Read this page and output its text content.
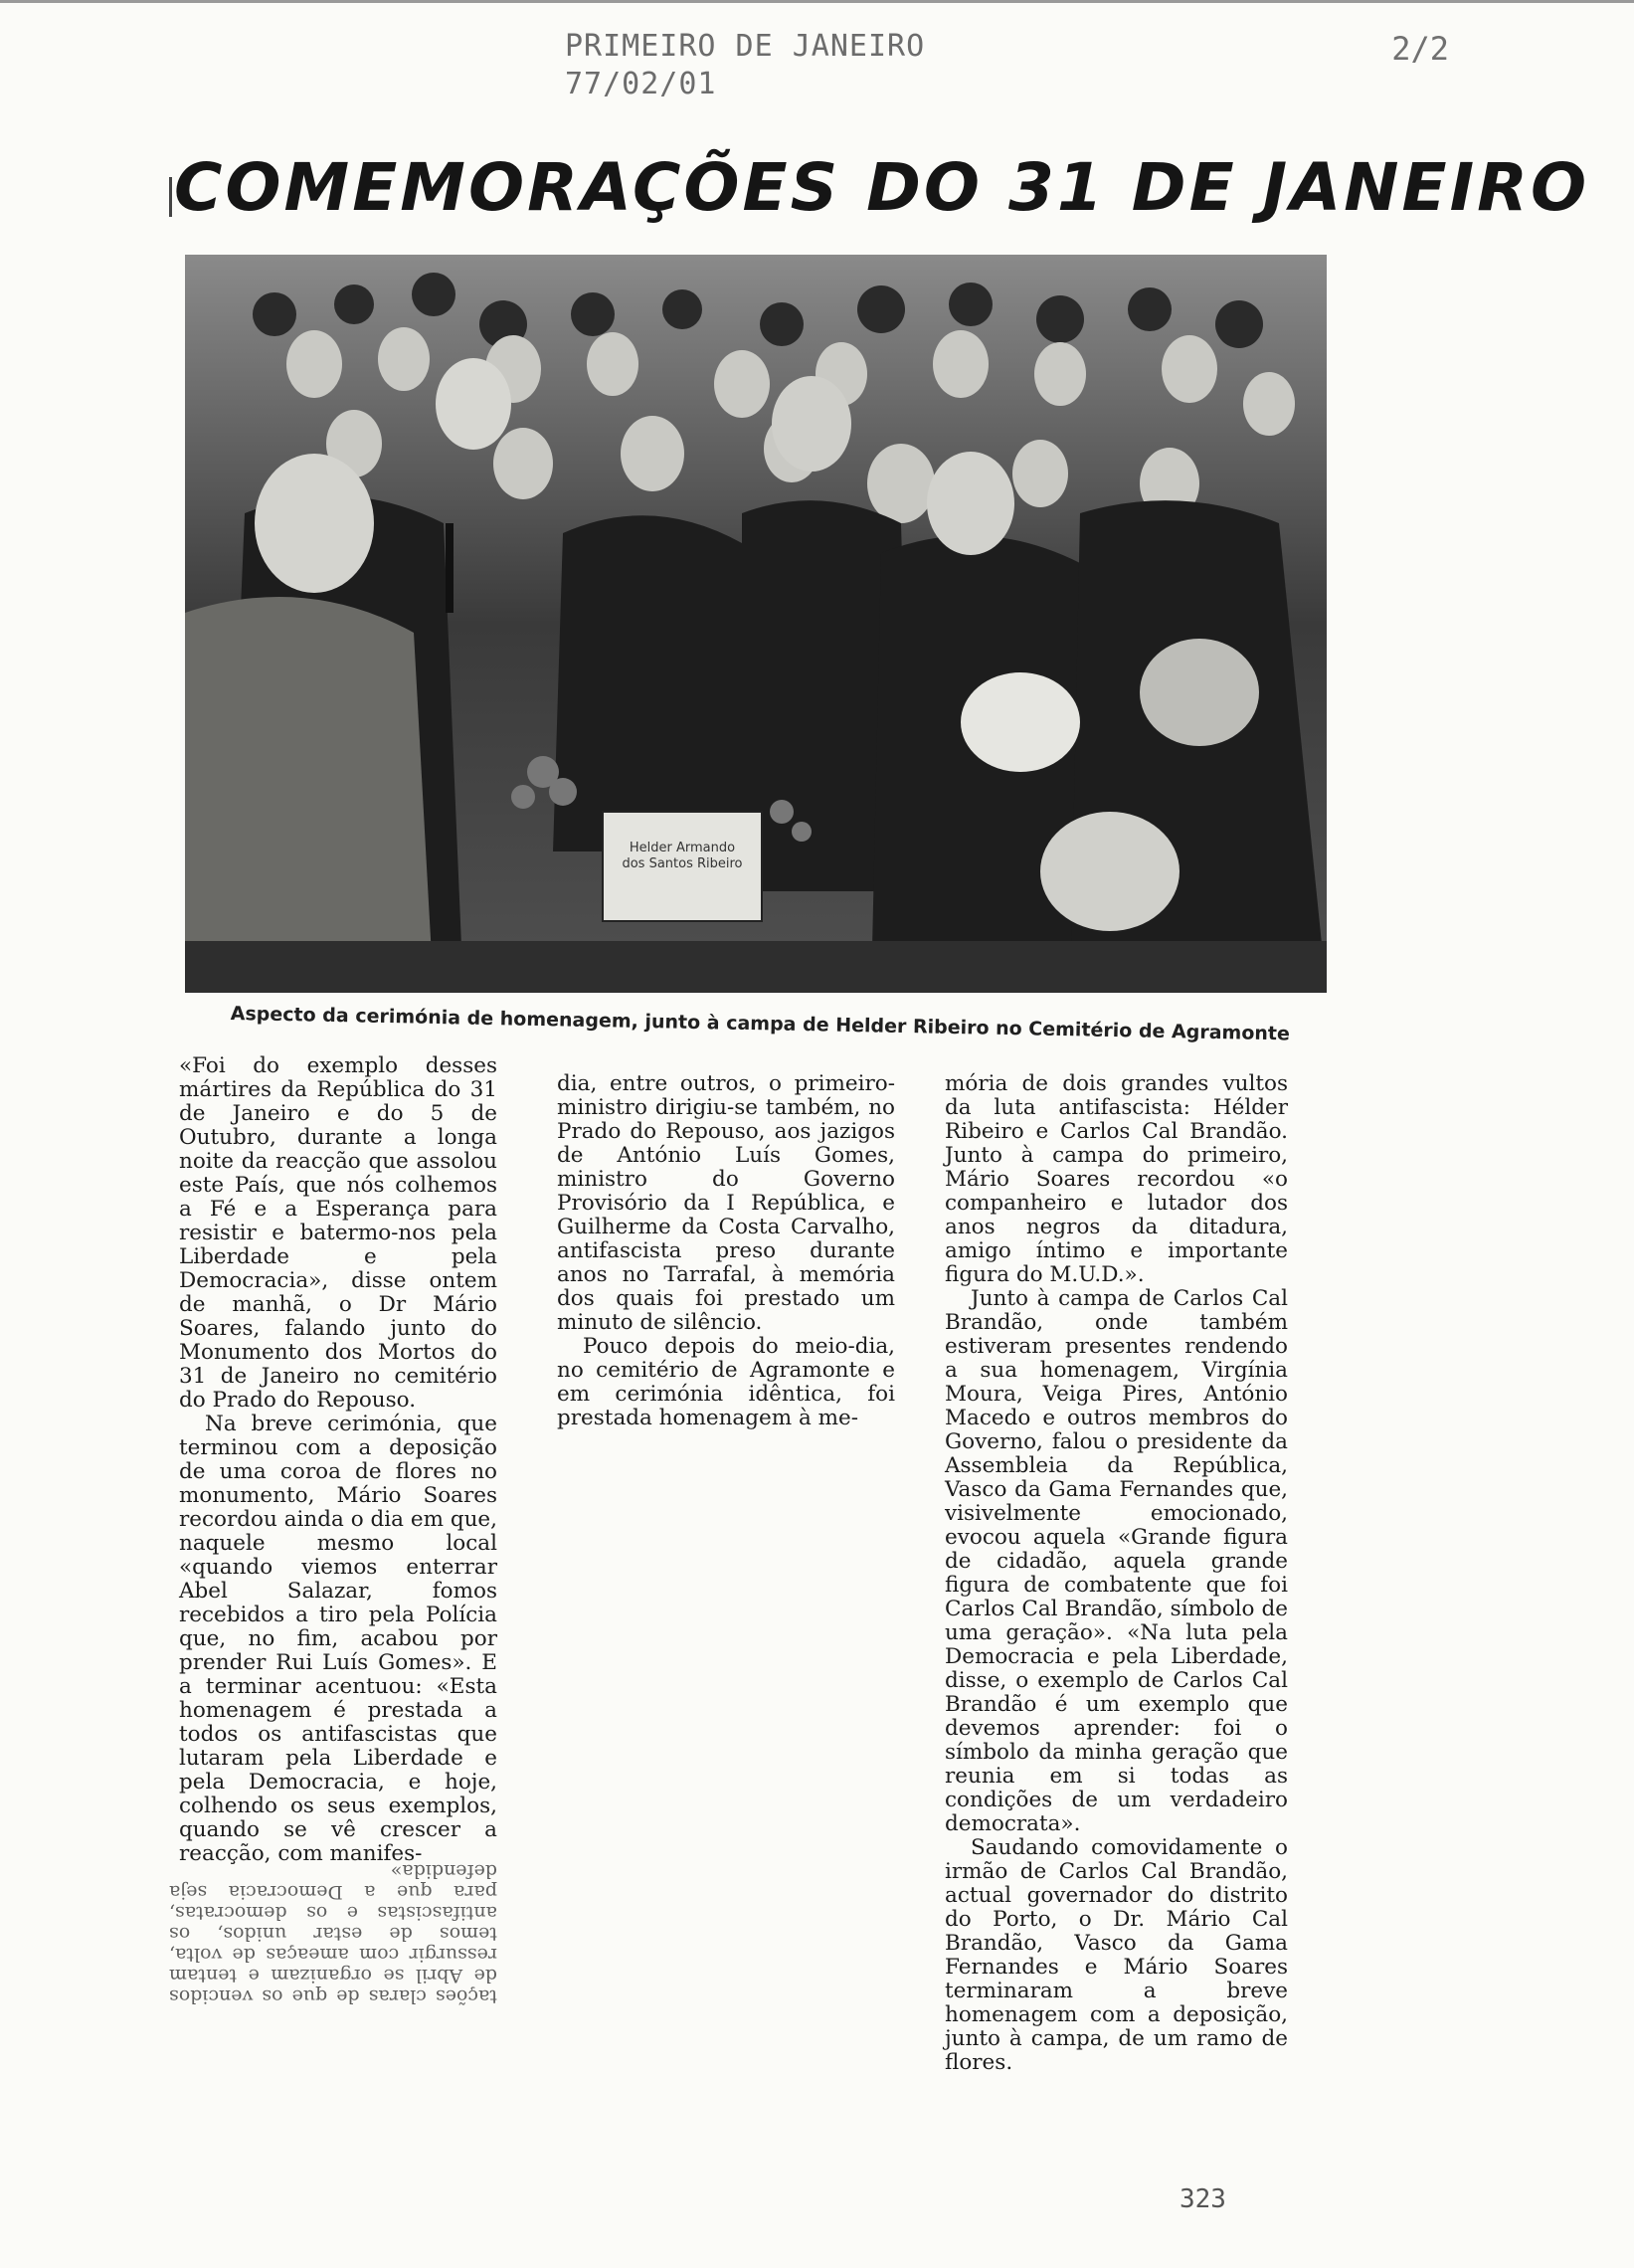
PRIMEIRO DE JANEIRO
77/02/01
2/2
COMEMORAÇÕES DO 31 DE JANEIRO
Helder Armando dos Santos Ribeiro
Aspecto da cerimónia de homenagem, junto à campa de Helder Ribeiro no Cemitério de Agramonte

«Foi do exemplo desses mártires da República do 31 de Janeiro e do 5 de Outubro, durante a longa noite da reacção que assolou este País, que nós colhemos a Fé e a Esperança para resistir e batermo-nos pela Liberdade e pela Democracia», disse ontem de manhã, o Dr Mário Soares, falando junto do Monumento dos Mortos do 31 de Janeiro no cemitério do Prado do Repouso.

Na breve cerimónia, que terminou com a deposição de uma coroa de flores no monumento, Mário Soares recordou ainda o dia em que, naquele mesmo local «quando viemos enterrar Abel Salazar, fomos recebidos a tiro pela Polícia que, no fim, acabou por prender Rui Luís Gomes». E a terminar acentuou: «Esta homenagem é prestada a todos os antifascistas que lutaram pela Liberdade e pela Democracia, e hoje, colhendo os seus exemplos, quando se vê crescer a reacção, com manifes-

tações claras de que os vencidos de Abril se organizam e tentam ressurgir com ameaças de volta, temos de estar unidos, os antifascistas e os democratas, para que a Democracia seja defendida»

dia, entre outros, o primeiro-ministro dirigiu-se também, no Prado do Repouso, aos jazigos de António Luís Gomes, ministro do Governo Provisório da I República, e Guilherme da Costa Carvalho, antifascista preso durante anos no Tarrafal, à memória dos quais foi prestado um minuto de silêncio.

Pouco depois do meio-dia, no cemitério de Agramonte e em cerimónia idêntica, foi prestada homenagem à me-

mória de dois grandes vultos da luta antifascista: Hélder Ribeiro e Carlos Cal Brandão. Junto à campa do primeiro, Mário Soares recordou «o companheiro e lutador dos anos negros da ditadura, amigo íntimo e importante figura do M.U.D.».

Junto à campa de Carlos Cal Brandão, onde também estiveram presentes rendendo a sua homenagem, Virgínia Moura, Veiga Pires, António Macedo e outros membros do Governo, falou o presidente da Assembleia da República, Vasco da Gama Fernandes que, visivelmente emocionado, evocou aquela «Grande figura de cidadão, aquela grande figura de combatente que foi Carlos Cal Brandão, símbolo de uma geração». «Na luta pela Democracia e pela Liberdade, disse, o exemplo de Carlos Cal Brandão é um exemplo que devemos aprender: foi o símbolo da minha geração que reunia em si todas as condições de um verdadeiro democrata».

Saudando comovidamente o irmão de Carlos Cal Brandão, actual governador do distrito do Porto, o Dr. Mário Cal Brandão, Vasco da Gama Fernandes e Mário Soares terminaram a breve homenagem com a deposição, junto à campa, de um ramo de flores.

323
